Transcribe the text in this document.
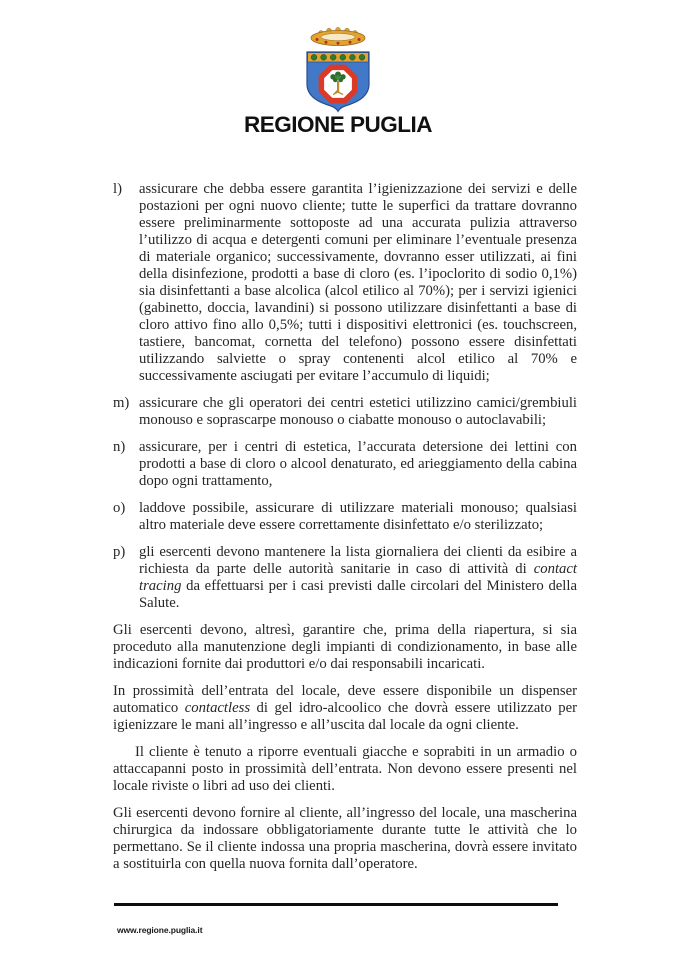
REGIONE PUGLIA
l)	assicurare che debba essere garantita l’igienizzazione dei servizi e delle postazioni per ogni nuovo cliente; tutte le superfici da trattare dovranno essere preliminarmente sottoposte ad una accurata pulizia attraverso l’utilizzo di acqua e detergenti comuni per eliminare l’eventuale presenza di materiale organico; successivamente, dovranno esser utilizzati, ai fini della disinfezione, prodotti a base di cloro (es. l’ipoclorito di sodio 0,1%) sia disinfettanti a base alcolica (alcol etilico al 70%); per i servizi igienici (gabinetto, doccia, lavandini) si possono utilizzare disinfettanti a base di cloro attivo fino allo 0,5%; tutti i dispositivi elettronici (es. touchscreen, tastiere, bancomat, cornetta del telefono) possono essere disinfettati utilizzando salviette o spray contenenti alcol etilico al 70% e successivamente asciugati per evitare l’accumulo di liquidi;
m) assicurare che gli operatori dei centri estetici utilizzino camici/grembiuli monouso e soprascarpe monouso o ciabatte monouso o autoclavabili;
n) assicurare, per i centri di estetica, l’accurata detersione dei lettini con prodotti a base di cloro o alcool denaturato, ed arieggiamento della cabina dopo ogni trattamento,
o) laddove possibile, assicurare di utilizzare materiali monouso; qualsiasi altro materiale deve essere correttamente disinfettato e/o sterilizzato;
p) gli esercenti devono mantenere la lista giornaliera dei clienti da esibire a richiesta da parte delle autorità sanitarie in caso di attività di contact tracing da effettuarsi per i casi previsti dalle circolari del Ministero della Salute.
Gli esercenti devono, altresì, garantire che, prima della riapertura, si sia proceduto alla manutenzione degli impianti di condizionamento, in base alle indicazioni fornite dai produttori e/o dai responsabili incaricati.
In prossimità dell’entrata del locale, deve essere disponibile un dispenser automatico contactless di gel idro-alcoolico che dovrà essere utilizzato per igienizzare le mani all’ingresso e all’uscita dal locale da ogni cliente.
Il cliente è tenuto a riporre eventuali giacche e soprabiti in un armadio o attaccapanni posto in prossimità dell’entrata. Non devono essere presenti nel locale riviste o libri ad uso dei clienti.
Gli esercenti devono fornire al cliente, all’ingresso del locale, una mascherina chirurgica da indossare obbligatoriamente durante tutte le attività che lo permettano. Se il cliente indossa una propria mascherina, dovrà essere invitato a sostituirla con quella nuova fornita dall’operatore.
www.regione.puglia.it
